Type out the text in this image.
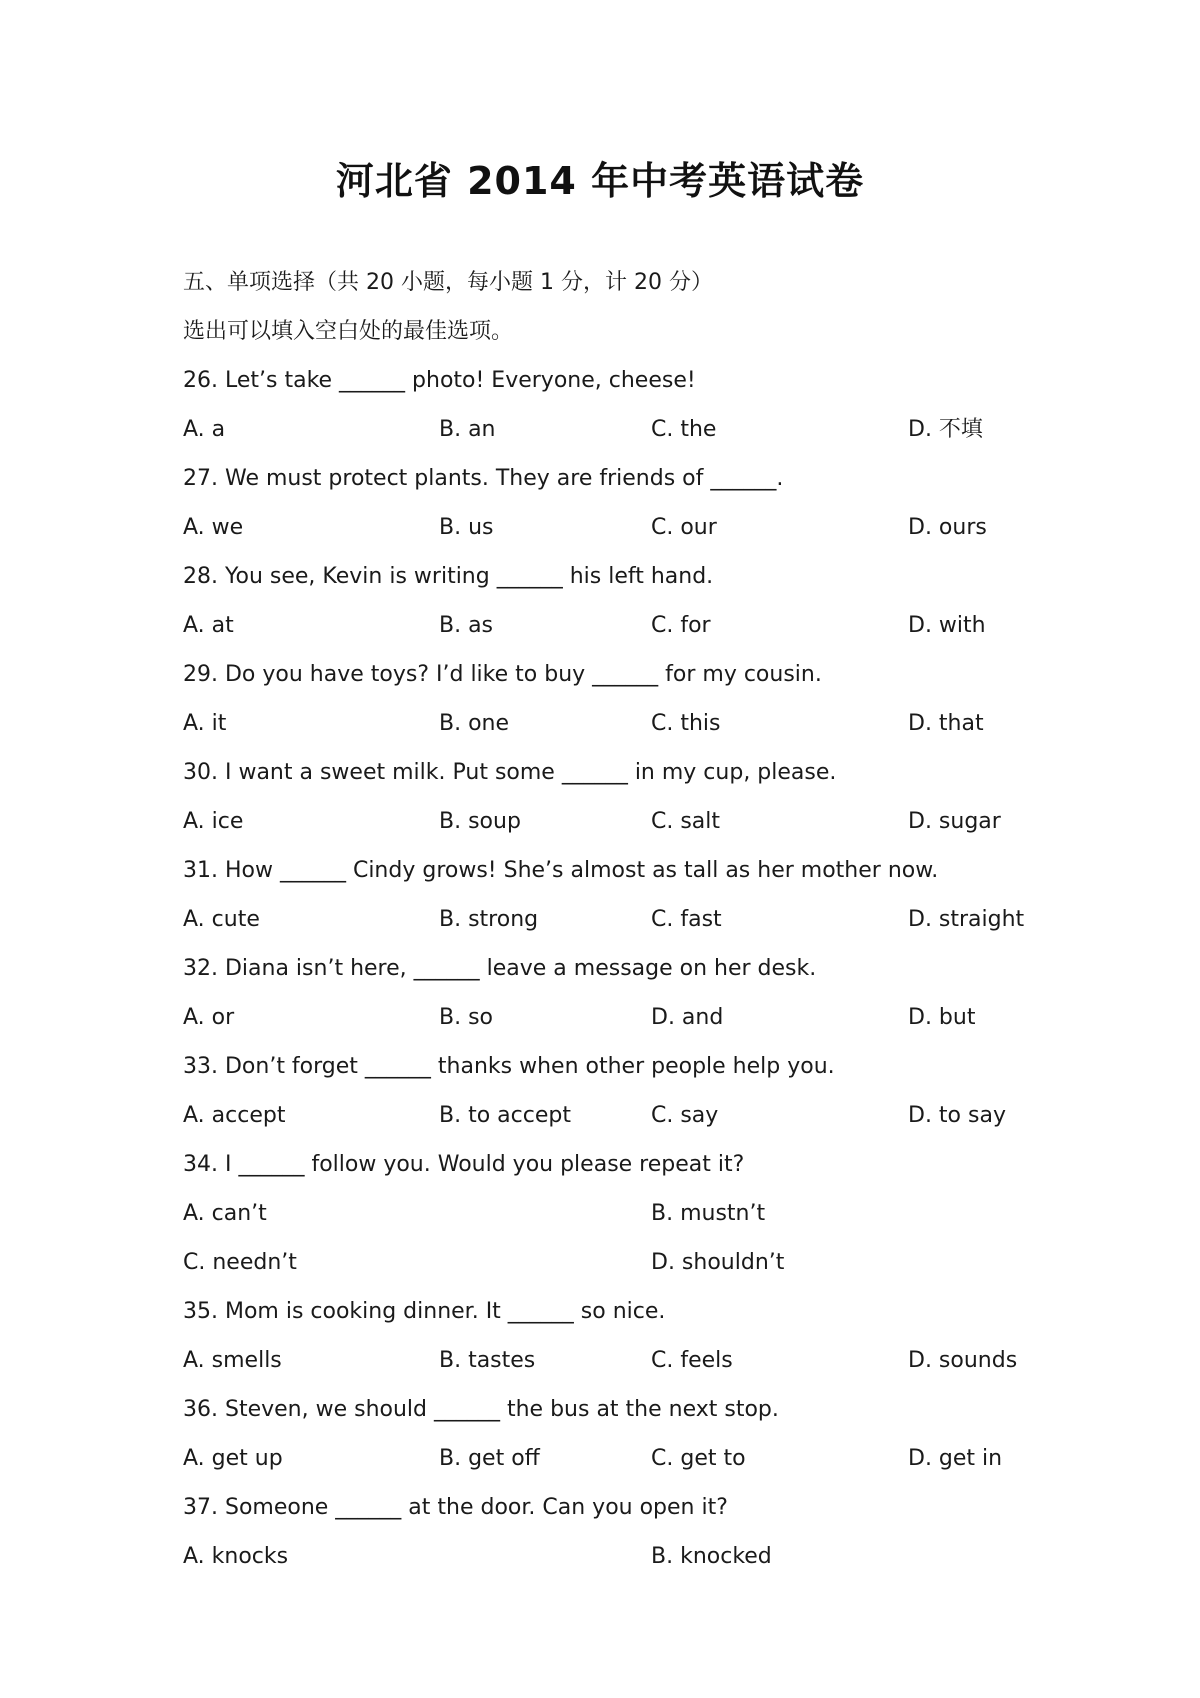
河北省 2014 年中考英语试卷
五、单项选择（共 20 小题，每小题 1 分，计 20 分）
选出可以填入空白处的最佳选项。
26. Let’s take ______ photo! Everyone, cheese!
A. a	B. an	C. the	D. 不填
27. We must protect plants. They are friends of ______.
A. we	B. us	C. our	D. ours
28. You see, Kevin is writing ______ his left hand.
A. at	B. as	C. for	D. with
29. Do you have toys? I’d like to buy ______ for my cousin.
A. it	B. one	C. this	D. that
30. I want a sweet milk. Put some ______ in my cup, please.
A. ice	B. soup	C. salt	D. sugar
31. How ______ Cindy grows! She’s almost as tall as her mother now.
A. cute	B. strong	C. fast	D. straight
32. Diana isn’t here, ______ leave a message on her desk.
A. or	B. so	D. and	D. but
33. Don’t forget ______ thanks when other people help you.
A. accept	B. to accept	C. say	D. to say
34. I ______ follow you. Would you please repeat it?
A. can’t	B. mustn’t
C. needn’t	D. shouldn’t
35. Mom is cooking dinner. It ______ so nice.
A. smells	B. tastes	C. feels	D. sounds
36. Steven, we should ______ the bus at the next stop.
A. get up	B. get off	C. get to	D. get in
37. Someone ______ at the door. Can you open it?
A. knocks	B. knocked
